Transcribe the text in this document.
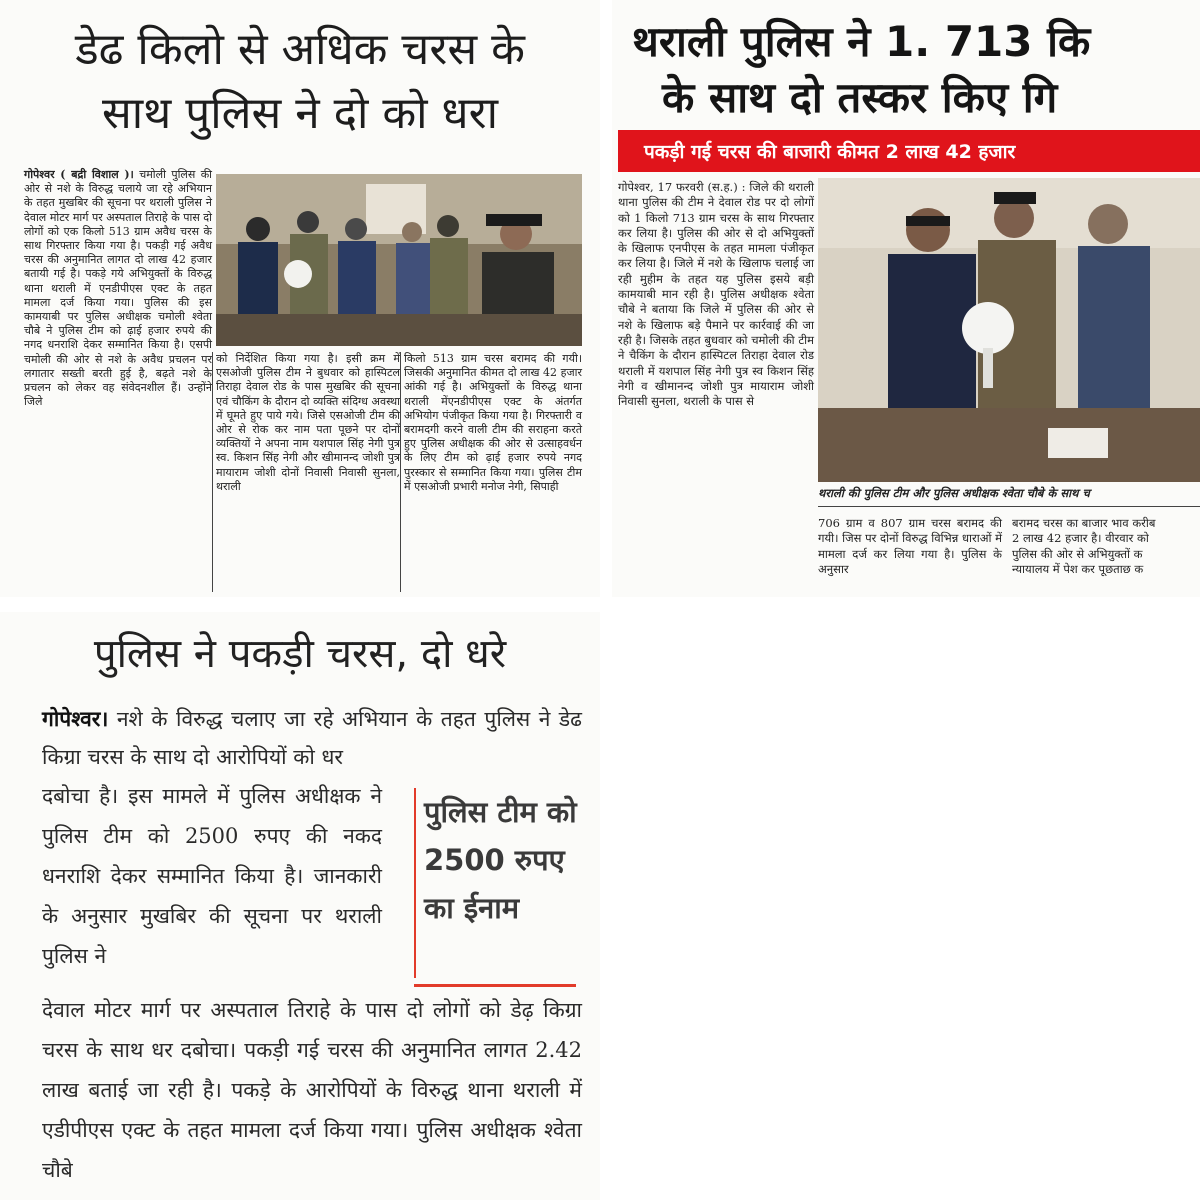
डेढ किलो से अधिक चरस के
साथ पुलिस ने दो को धरा
गोपेश्वर ( बद्री विशाल )। चमोली पुलिस की ओर से नशे के विरुद्ध चलाये जा रहे अभियान के तहत मुखबिर की सूचना पर थराली पुलिस ने देवाल मोटर मार्ग पर अस्पताल तिराहे के पास दो लोगों को एक किलो 513 ग्राम अवैध चरस के साथ गिरफ्तार किया गया है। पकड़ी गई अवैध चरस की अनुमानित लागत दो लाख 42 हजार बतायी गई है। पकड़े गये अभियुक्तों के विरुद्ध थाना थराली में एनडीपीएस एक्ट के तहत मामला दर्ज किया गया। पुलिस की इस कामयाबी पर पुलिस अधीक्षक चमोली श्वेता चौबे ने पुलिस टीम को ढ़ाई हजार रुपये की नगद धनराशि देकर सम्मानित किया है। एसपी चमोली की ओर से नशे के अवैध प्रचलन पर लगातार सख्ती बरती हुई है, बढ़ते नशे के प्रचलन को लेकर वह संवेदनशील हैं। उन्होंने जिले
को निर्देशित किया गया है। इसी क्रम में एसओजी पुलिस टीम ने बुधवार को हास्पिटल तिराहा देवाल रोड के पास मुखबिर की सूचना एवं चौकिंग के दौरान दो व्यक्ति संदिग्ध अवस्था में घूमते हुए पाये गये। जिसे एसओजी टीम की ओर से रोक कर नाम पता पूछने पर दोनों व्यक्तियों ने अपना नाम यशपाल सिंह नेगी पुत्र स्व. किशन सिंह नेगी और खीमानन्द जोशी पुत्र मायाराम जोशी दोनों निवासी निवासी सुनला, थराली
किलो 513 ग्राम चरस बरामद की गयी। जिसकी अनुमानित कीमत दो लाख 42 हजार आंकी गई है। अभियुक्तों के विरुद्ध थाना थराली मेंएनडीपीएस एक्ट के अंतर्गत अभियोग पंजीकृत किया गया है। गिरफ्तारी व बरामदगी करने वाली टीम की सराहना करते हुए पुलिस अधीक्षक की ओर से उत्साहवर्धन के लिए टीम को ढ़ाई हजार रुपये नगद पुरस्कार से सम्मानित किया गया। पुलिस टीम में एसओजी प्रभारी मनोज नेगी, सिपाही
थराली पुलिस ने 1. 713 कि
के साथ दो तस्कर किए गि
पकड़ी गई चरस की बाजारी कीमत 2 लाख 42 हजार
गोपेश्वर, 17 फरवरी (स.ह.) : जिले की थराली थाना पुलिस की टीम ने देवाल रोड पर दो लोगों को 1 किलो 713 ग्राम चरस के साथ गिरफ्तार कर लिया है। पुलिस की ओर से दो अभियुक्तों के खिलाफ एनपीएस के तहत मामला पंजीकृत कर लिया है। जिले में नशे के खिलाफ चलाई जा रही मुहीम के तहत यह पुलिस इसये बड़ी कामयाबी मान रही है। पुलिस अधीक्षक श्वेता चौबे ने बताया कि जिले में पुलिस की ओर से नशे के खिलाफ बड़े पैमाने पर कार्रवाई की जा रही है। जिसके तहत बुधवार को चमोली की टीम ने चैकिंग के दौरान हास्पिटल तिराहा देवाल रोड थराली में यशपाल सिंह नेगी पुत्र स्व किशन सिंह नेगी व खीमानन्द जोशी पुत्र मायाराम जोशी निवासी सुनला, थराली के पास से
थराली की पुलिस टीम और पुलिस अधीक्षक श्वेता चौबे के साथ च
706 ग्राम व 807 ग्राम चरस बरामद की गयी। जिस पर दोनों विरुद्ध विभिन्न धाराओं में मामला दर्ज कर लिया गया है। पुलिस के अनुसार
बरामद चरस का बाजार भाव करीब
2 लाख 42 हजार है। वीरवार को
पुलिस की ओर से अभियुक्तों क
न्यायालय में पेश कर पूछताछ क
पुलिस ने पकड़ी चरस, दो धरे
गोपेश्वर। नशे के विरुद्ध चलाए जा रहे अभियान के तहत पुलिस ने डेढ किग्रा चरस के साथ दो आरोपियों को धर
दबोचा है। इस मामले में पुलिस अधीक्षक ने पुलिस टीम को 2500 रुपए की नकद धनराशि देकर सम्मानित किया है। जानकारी के अनुसार मुखबिर की सूचना पर थराली पुलिस ने
पुलिस टीम को 2500 रुपए का ईनाम
देवाल मोटर मार्ग पर अस्पताल तिराहे के पास दो लोगों को डेढ़ किग्रा चरस के साथ धर दबोचा। पकड़ी गई चरस की अनुमानित लागत 2.42 लाख बताई जा रही है। पकड़े के आरोपियों के विरुद्ध थाना थराली में एडीपीएस एक्ट के तहत मामला दर्ज किया गया। पुलिस अधीक्षक श्वेता चौबे
